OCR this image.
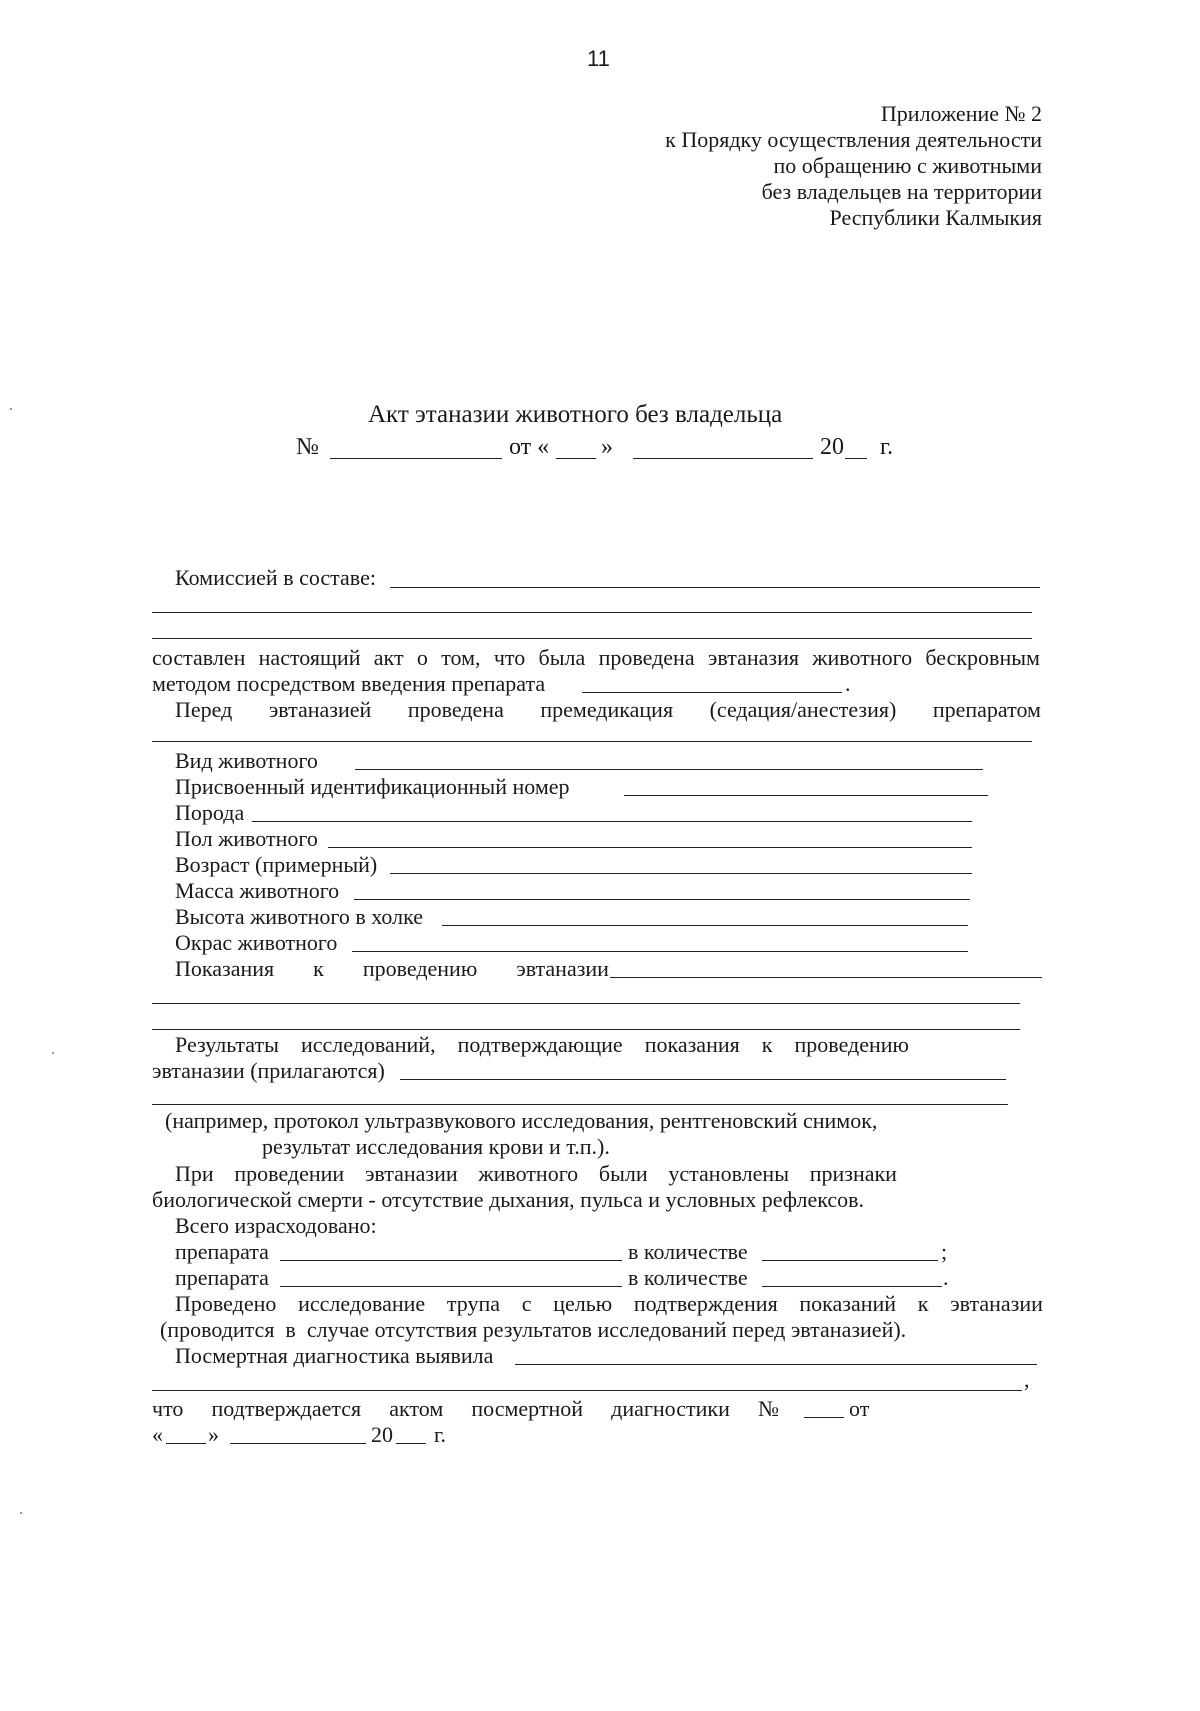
11
Приложение № 2
к Порядку осуществления деятельности
по обращению с животными
без владельцев на территории
Республики Калмыкия
Акт этаназии животного без владельца
№	от « »	20 г.
Комиссией в составе:
составлен настоящий акт о том, что была проведена эвтаназия животного бескровным
методом посредством введения препарата	.
Перед эвтаназией проведена премедикация (седация/анестезия) препаратом
Вид животного
Присвоенный идентификационный номер
Порода
Пол животного
Возраст (примерный)
Масса животного
Высота животного в холке
Окрас животного
Показания к проведению эвтаназии
Результаты исследований, подтверждающие показания к проведению
эвтаназии (прилагаются)
(например, протокол ультразвукового исследования, рентгеновский снимок,
результат исследования крови и т.п.).
При проведении эвтаназии животного были установлены признаки
биологической смерти - отсутствие дыхания, пульса и условных рефлексов.
Всего израсходовано:
препарата	в количестве	;
препарата	в количестве	.
Проведено исследование трупа с целью подтверждения показаний к эвтаназии
(проводится  в  случае отсутствия результатов исследований перед эвтаназией).
Посмертная диагностика выявила
,
что подтверждается актом посмертной диагностики №	от
« »	20 г.
